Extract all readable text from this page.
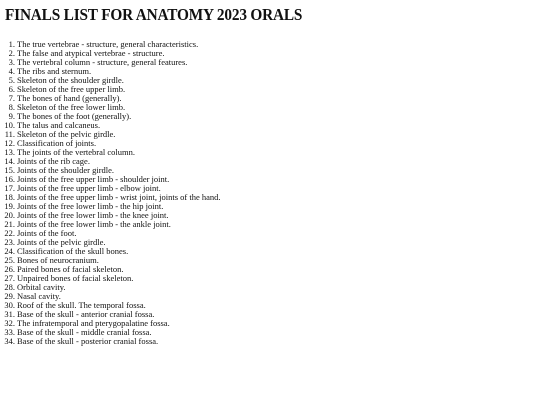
FINALS LIST FOR ANATOMY 2023 ORALS
1. The true vertebrae - structure, general characteristics.
2. The false and atypical vertebrae - structure.
3. The vertebral column - structure, general features.
4. The ribs and sternum.
5. Skeleton of the shoulder girdle.
6. Skeleton of the free upper limb.
7. The bones of hand (generally).
8. Skeleton of the free lower limb.
9. The bones of the foot (generally).
10. The talus and calcaneus.
11. Skeleton of the pelvic girdle.
12. Classification of joints.
13. The joints of the vertebral column.
14. Joints of the rib cage.
15. Joints of the shoulder girdle.
16. Joints of the free upper limb - shoulder joint.
17. Joints of the free upper limb - elbow joint.
18. Joints of the free upper limb - wrist joint, joints of the hand.
19. Joints of the free lower limb - the hip joint.
20. Joints of the free lower limb - the knee joint.
21. Joints of the free lower limb - the ankle joint.
22. Joints of the foot.
23. Joints of the pelvic girdle.
24. Classification of the skull bones.
25. Bones of neurocranium.
26. Paired bones of facial skeleton.
27. Unpaired bones of facial skeleton.
28. Orbital cavity.
29. Nasal cavity.
30. Roof of the skull. The temporal fossa.
31. Base of the skull - anterior cranial fossa.
32. The infratemporal and pterygopalatine fossa.
33. Base of the skull - middle cranial fossa.
34. Base of the skull - posterior cranial fossa.
